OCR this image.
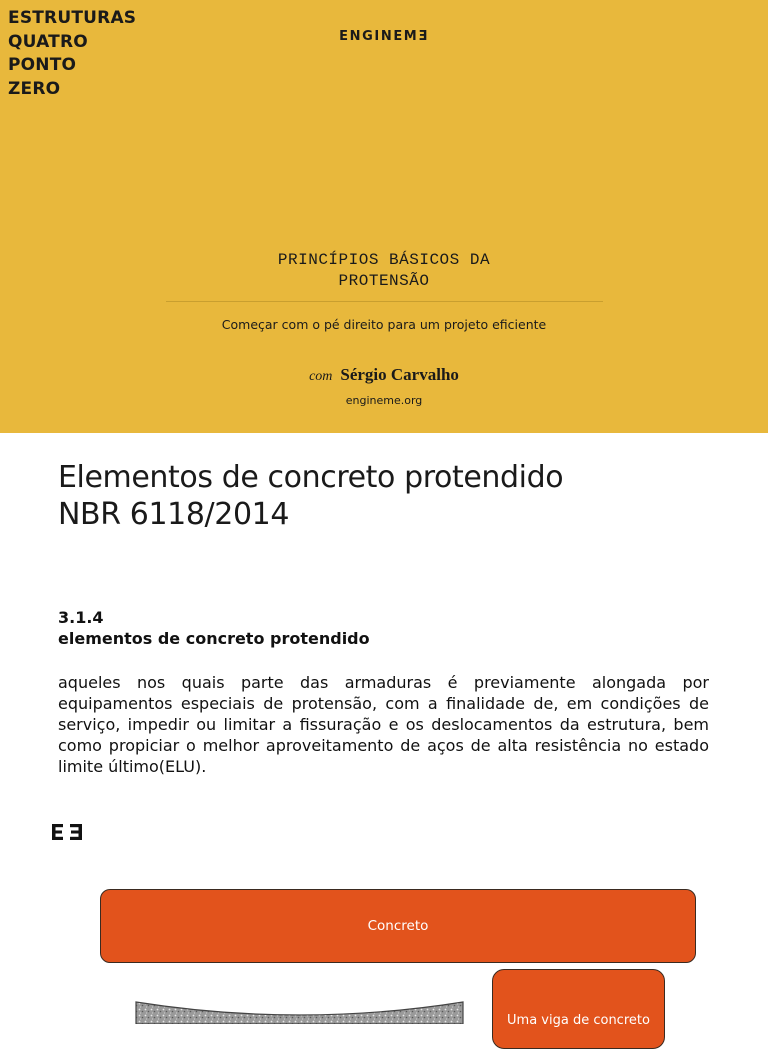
ESTRUTURAS
QUATRO
PONTO
ZERO
ENGINEMƎ
PRINCÍPIOS BÁSICOS DA
PROTENSÃO
Começar com o pé direito para um projeto eficiente
com Sérgio Carvalho
engineme.org
Elementos de concreto protendido
NBR 6118/2014
3.1.4
elementos de concreto protendido
aqueles nos quais parte das armaduras é previamente alongada por equipamentos especiais de protensão, com a finalidade de, em condições de serviço, impedir ou limitar a fissuração e os deslocamentos da estrutura, bem como propiciar o melhor aproveitamento de aços de alta resistência no estado limite último(ELU).
Concreto
Uma viga de concreto
